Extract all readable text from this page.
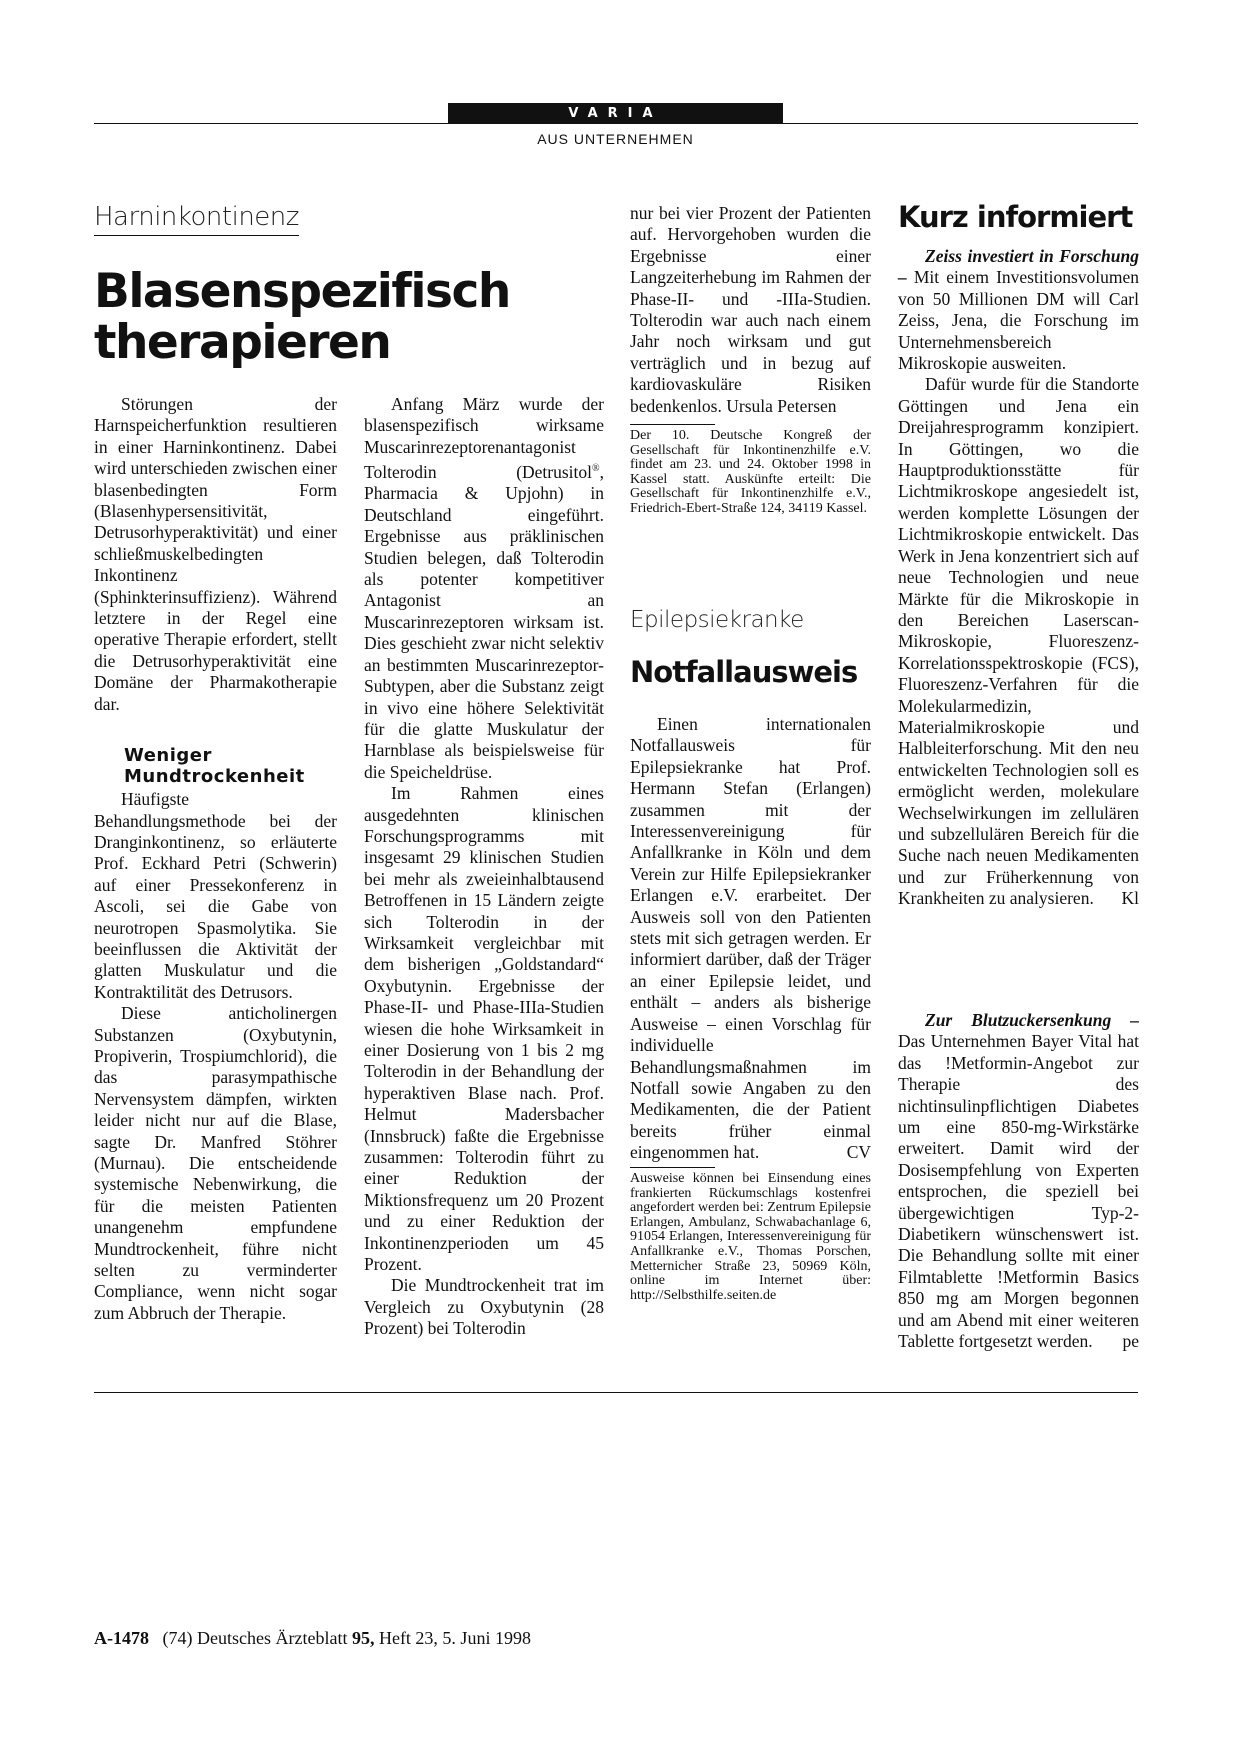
VARIA
AUS UNTERNEHMEN
Harninkontinenz
Blasenspezifisch
therapieren

Störungen der Harnspeicherfunktion resultieren in einer Harninkontinenz. Dabei wird unterschieden zwischen einer blasenbedingten Form (Blasenhypersensitivität, Detrusorhyperaktivität) und einer schließmuskelbedingten Inkontinenz (Sphinkterinsuffizienz). Während letztere in der Regel eine operative Therapie erfordert, stellt die Detrusorhyperaktivität eine Domäne der Pharmakotherapie dar.

Weniger Mundtrockenheit

Häufigste Behandlungsmethode bei der Dranginkontinenz, so erläuterte Prof. Eckhard Petri (Schwerin) auf einer Pressekonferenz in Ascoli, sei die Gabe von neurotropen Spasmolytika. Sie beeinflussen die Aktivität der glatten Muskulatur und die Kontraktilität des Detrusors.

Diese anticholinergen Substanzen (Oxybutynin, Propiverin, Trospiumchlorid), die das parasympathische Nervensystem dämpfen, wirkten leider nicht nur auf die Blase, sagte Dr. Manfred Stöhrer (Murnau). Die entscheidende systemische Nebenwirkung, die für die meisten Patienten unangenehm empfundene Mundtrockenheit, führe nicht selten zu verminderter Compliance, wenn nicht sogar zum Abbruch der Therapie.

Anfang März wurde der blasenspezifisch wirksame Muscarinrezeptorenantagonist Tolterodin (Detrusitol®, Pharmacia & Upjohn) in Deutschland eingeführt. Ergebnisse aus präklinischen Studien belegen, daß Tolterodin als potenter kompetitiver Antagonist an Muscarinrezeptoren wirksam ist. Dies geschieht zwar nicht selektiv an bestimmten Muscarinrezeptor-Subtypen, aber die Substanz zeigt in vivo eine höhere Selektivität für die glatte Muskulatur der Harnblase als beispielsweise für die Speicheldrüse.

Im Rahmen eines ausgedehnten klinischen Forschungsprogramms mit insgesamt 29 klinischen Studien bei mehr als zweieinhalbtausend Betroffenen in 15 Ländern zeigte sich Tolterodin in der Wirksamkeit vergleichbar mit dem bisherigen „Goldstandard“ Oxybutynin. Ergebnisse der Phase-II- und Phase-IIIa-Studien wiesen die hohe Wirksamkeit in einer Dosierung von 1 bis 2 mg Tolterodin in der Behandlung der hyperaktiven Blase nach. Prof. Helmut Madersbacher (Innsbruck) faßte die Ergebnisse zusammen: Tolterodin führt zu einer Reduktion der Miktionsfrequenz um 20 Prozent und zu einer Reduktion der Inkontinenzperioden um 45 Prozent.

Die Mundtrockenheit trat im Vergleich zu Oxybutynin (28 Prozent) bei Tolterodin

nur bei vier Prozent der Patienten auf. Hervorgehoben wurden die Ergebnisse einer Langzeiterhebung im Rahmen der Phase-II- und -IIIa-Studien. Tolterodin war auch nach einem Jahr noch wirksam und gut verträglich und in bezug auf kardiovaskuläre Risiken bedenkenlos. Ursula Petersen

Der 10. Deutsche Kongreß der Gesellschaft für Inkontinenzhilfe e.V. findet am 23. und 24. Oktober 1998 in Kassel statt. Auskünfte erteilt: Die Gesellschaft für Inkontinenzhilfe e.V., Friedrich-Ebert-Straße 124, 34119 Kassel.
Epilepsiekranke
Notfallausweis

Einen internationalen Notfallausweis für Epilepsiekranke hat Prof. Hermann Stefan (Erlangen) zusammen mit der Interessenvereinigung für Anfallkranke in Köln und dem Verein zur Hilfe Epilepsiekranker Erlangen e.V. erarbeitet. Der Ausweis soll von den Patienten stets mit sich getragen werden. Er informiert darüber, daß der Träger an einer Epilepsie leidet, und enthält – anders als bisherige Ausweise – einen Vorschlag für individuelle Behandlungsmaßnahmen im Notfall sowie Angaben zu den Medikamenten, die der Patient bereits früher einmal eingenommen hat.	CV

Ausweise können bei Einsendung eines frankierten Rückumschlags kostenfrei angefordert werden bei: Zentrum Epilepsie Erlangen, Ambulanz, Schwabachanlage 6, 91054 Erlangen, Interessenvereinigung für Anfallkranke e.V., Thomas Porschen, Metternicher Straße 23, 50969 Köln, online im Internet über: http://Selbsthilfe.seiten.de
Kurz informiert

Zeiss investiert in Forschung – Mit einem Investitionsvolumen von 50 Millionen DM will Carl Zeiss, Jena, die Forschung im Unternehmensbereich Mikroskopie ausweiten.

Dafür wurde für die Standorte Göttingen und Jena ein Dreijahresprogramm konzipiert. In Göttingen, wo die Hauptproduktionsstätte für Lichtmikroskope angesiedelt ist, werden komplette Lösungen der Lichtmikroskopie entwickelt. Das Werk in Jena konzentriert sich auf neue Technologien und neue Märkte für die Mikroskopie in den Bereichen Laserscan-Mikroskopie, Fluoreszenz-Korrelationsspektroskopie (FCS), Fluoreszenz-Verfahren für die Molekularmedizin, Materialmikroskopie und Halbleiterforschung. Mit den neu entwickelten Technologien soll es ermöglicht werden, molekulare Wechselwirkungen im zellulären und subzellulären Bereich für die Suche nach neuen Medikamenten und zur Früherkennung von Krankheiten zu analysieren.	Kl

Zur Blutzuckersenkung – Das Unternehmen Bayer Vital hat das !Metformin-Angebot zur Therapie des nichtinsulinpflichtigen Diabetes um eine 850-mg-Wirkstärke erweitert. Damit wird der Dosisempfehlung von Experten entsprochen, die speziell bei übergewichtigen Typ-2-Diabetikern wünschenswert ist. Die Behandlung sollte mit einer Filmtablette !Metformin Basics 850 mg am Morgen begonnen und am Abend mit einer weiteren Tablette fortgesetzt werden.	pe

A-1478 (74) Deutsches Ärzteblatt 95, Heft 23, 5. Juni 1998
